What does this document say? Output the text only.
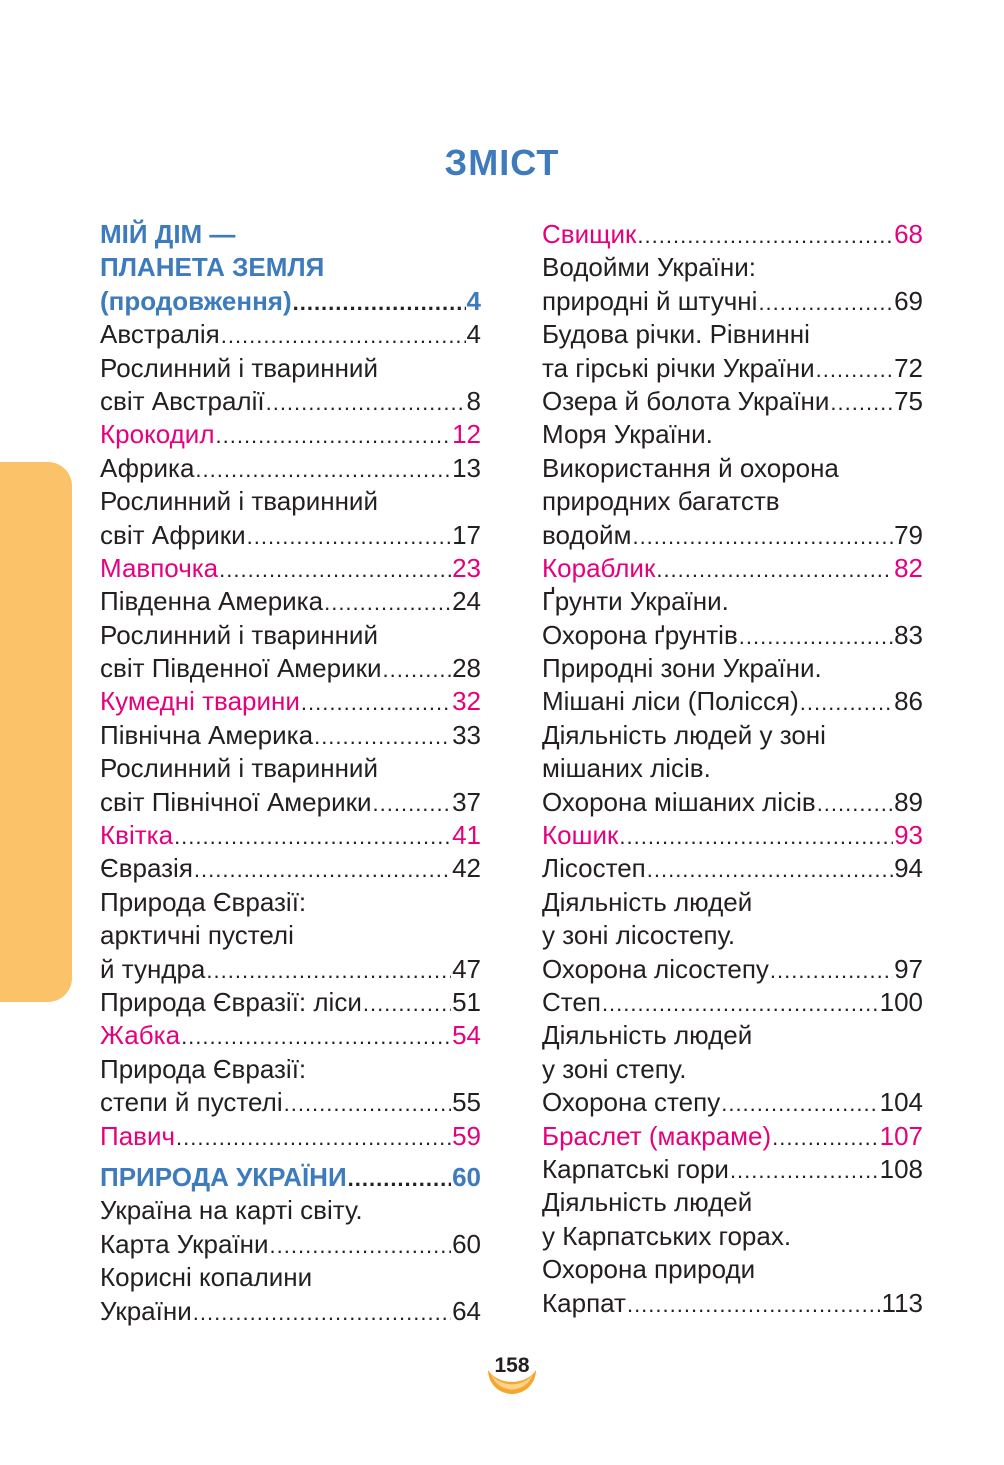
ЗМІСТ
МІЙ ДІМ —
ПЛАНЕТА ЗЕМЛЯ
(продовження) .....	4
Австралія .....	4
Рослинний і тваринний
світ Австралії .....	8
Крокодил .....	12
Африка .....	13
Рослинний і тваринний
світ Африки .....	17
Мавпочка .....	23
Південна Америка .....	24
Рослинний і тваринний
світ Південної Америки .....	28
Кумедні тварини .....	32
Північна Америка .....	33
Рослинний і тваринний
світ Північної Америки .....	37
Квітка .....	41
Євразія .....	42
Природа Євразії:
арктичні пустелі
й тундра .....	47
Природа Євразії: ліси .....	51
Жабка .....	54
Природа Євразії:
степи й пустелі .....	55
Павич .....	59
ПРИРОДА УКРАЇНИ .....	60
Україна на карті світу.
Карта України .....	60
Корисні копалини
України .....	64
Свищик .....	68
Водойми України:
природні й штучні .....	69
Будова річки. Рівнинні
та гірські річки України .....	72
Озера й болота України ..... 75
Моря України.
Використання й охорона
природних багатств
водойм .....	79
Кораблик .....	82
Ґрунти України.
Охорона ґрунтів .....	83
Природні зони України.
Мішані ліси (Полісся) .....	86
Діяльність людей у зоні
мішаних лісів.
Охорона мішаних лісів .....	89
Кошик .....	93
Лісостеп .....	94
Діяльність людей
у зоні лісостепу.
Охорона лісостепу .....	97
Степ .....	100
Діяльність людей
у зоні степу.
Охорона степу .....	104
Браслет (макраме) .....	107
Карпатські гори .....	108
Діяльність людей
у Карпатських горах.
Охорона природи
Карпат .....	113
158
